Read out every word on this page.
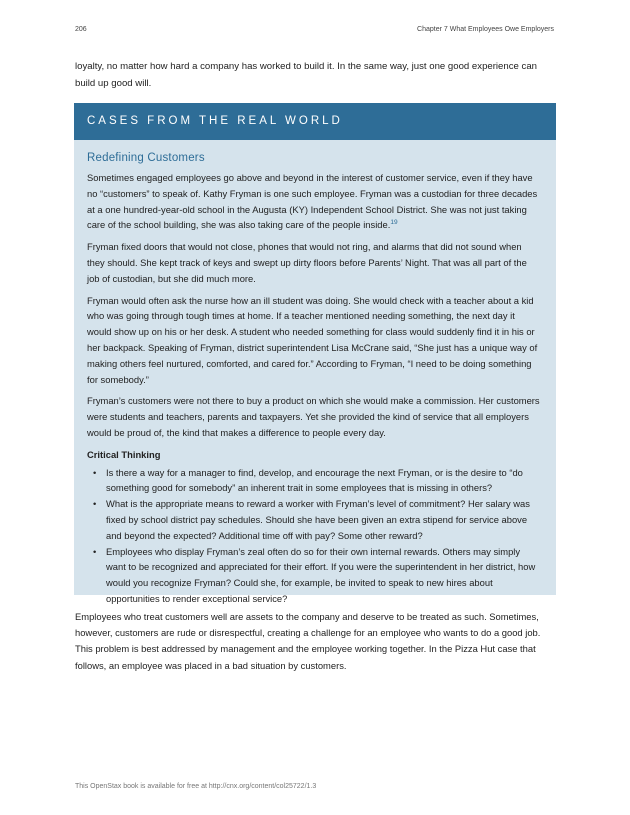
206	Chapter 7 What Employees Owe Employers

loyalty, no matter how hard a company has worked to build it. In the same way, just one good experience can build up good will.

CASES FROM THE REAL WORLD
Redefining Customers

Sometimes engaged employees go above and beyond in the interest of customer service, even if they have no “customers” to speak of. Kathy Fryman is one such employee. Fryman was a custodian for three decades at a one hundred-year-old school in the Augusta (KY) Independent School District. She was not just taking care of the school building, she was also taking care of the people inside.$^{19}$

Fryman fixed doors that would not close, phones that would not ring, and alarms that did not sound when they should. She kept track of keys and swept up dirty floors before Parents’ Night. That was all part of the job of custodian, but she did much more.

Fryman would often ask the nurse how an ill student was doing. She would check with a teacher about a kid who was going through tough times at home. If a teacher mentioned needing something, the next day it would show up on his or her desk. A student who needed something for class would suddenly find it in his or her backpack. Speaking of Fryman, district superintendent Lisa McCrane said, “She just has a unique way of making others feel nurtured, comforted, and cared for.” According to Fryman, “I need to be doing something for somebody.”

Fryman’s customers were not there to buy a product on which she would make a commission. Her customers were students and teachers, parents and taxpayers. Yet she provided the kind of service that all employers would be proud of, the kind that makes a difference to people every day.

Critical Thinking
• Is there a way for a manager to find, develop, and encourage the next Fryman, or is the desire to “do something good for somebody” an inherent trait in some employees that is missing in others?
• What is the appropriate means to reward a worker with Fryman’s level of commitment? Her salary was fixed by school district pay schedules. Should she have been given an extra stipend for service above and beyond the expected? Additional time off with pay? Some other reward?
• Employees who display Fryman’s zeal often do so for their own internal rewards. Others may simply want to be recognized and appreciated for their effort. If you were the superintendent in her district, how would you recognize Fryman? Could she, for example, be invited to speak to new hires about opportunities to render exceptional service?

Employees who treat customers well are assets to the company and deserve to be treated as such. Sometimes, however, customers are rude or disrespectful, creating a challenge for an employee who wants to do a good job. This problem is best addressed by management and the employee working together. In the Pizza Hut case that follows, an employee was placed in a bad situation by customers.

This OpenStax book is available for free at http://cnx.org/content/col25722/1.3
